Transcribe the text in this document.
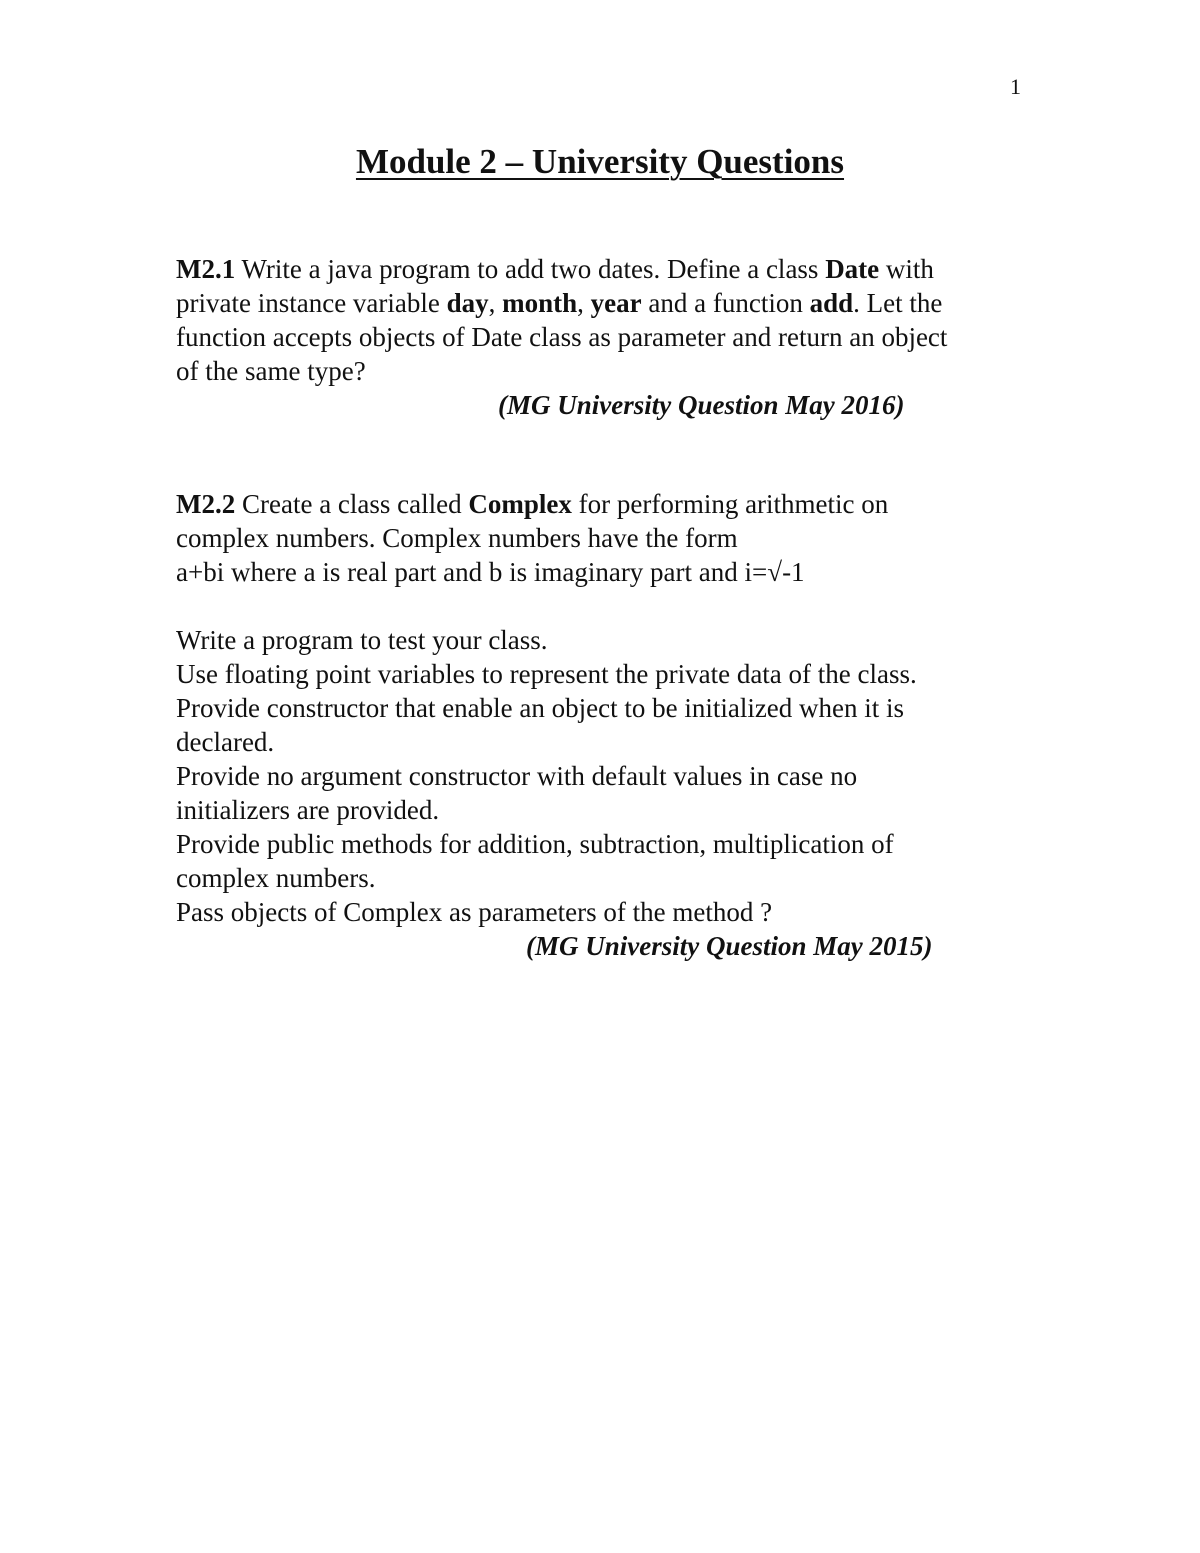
1
Module 2 – University Questions
M2.1 Write a java program to add two dates. Define a class Date with
private instance variable day, month, year and a function add. Let the
function accepts objects of Date class as parameter and return an object
of the same type?
(MG University Question May 2016)
M2.2 Create a class called Complex for performing arithmetic on
complex numbers. Complex numbers have the form
a+bi where a is real part and b is imaginary part and i=√-1
Write a program to test your class.
Use floating point variables to represent the private data of the class.
Provide constructor that enable an object to be initialized when it is
declared.
Provide no argument constructor with default values in case no
initializers are provided.
Provide public methods for addition, subtraction, multiplication of
complex numbers.
Pass objects of Complex as parameters of the method ?
(MG University Question May 2015)
